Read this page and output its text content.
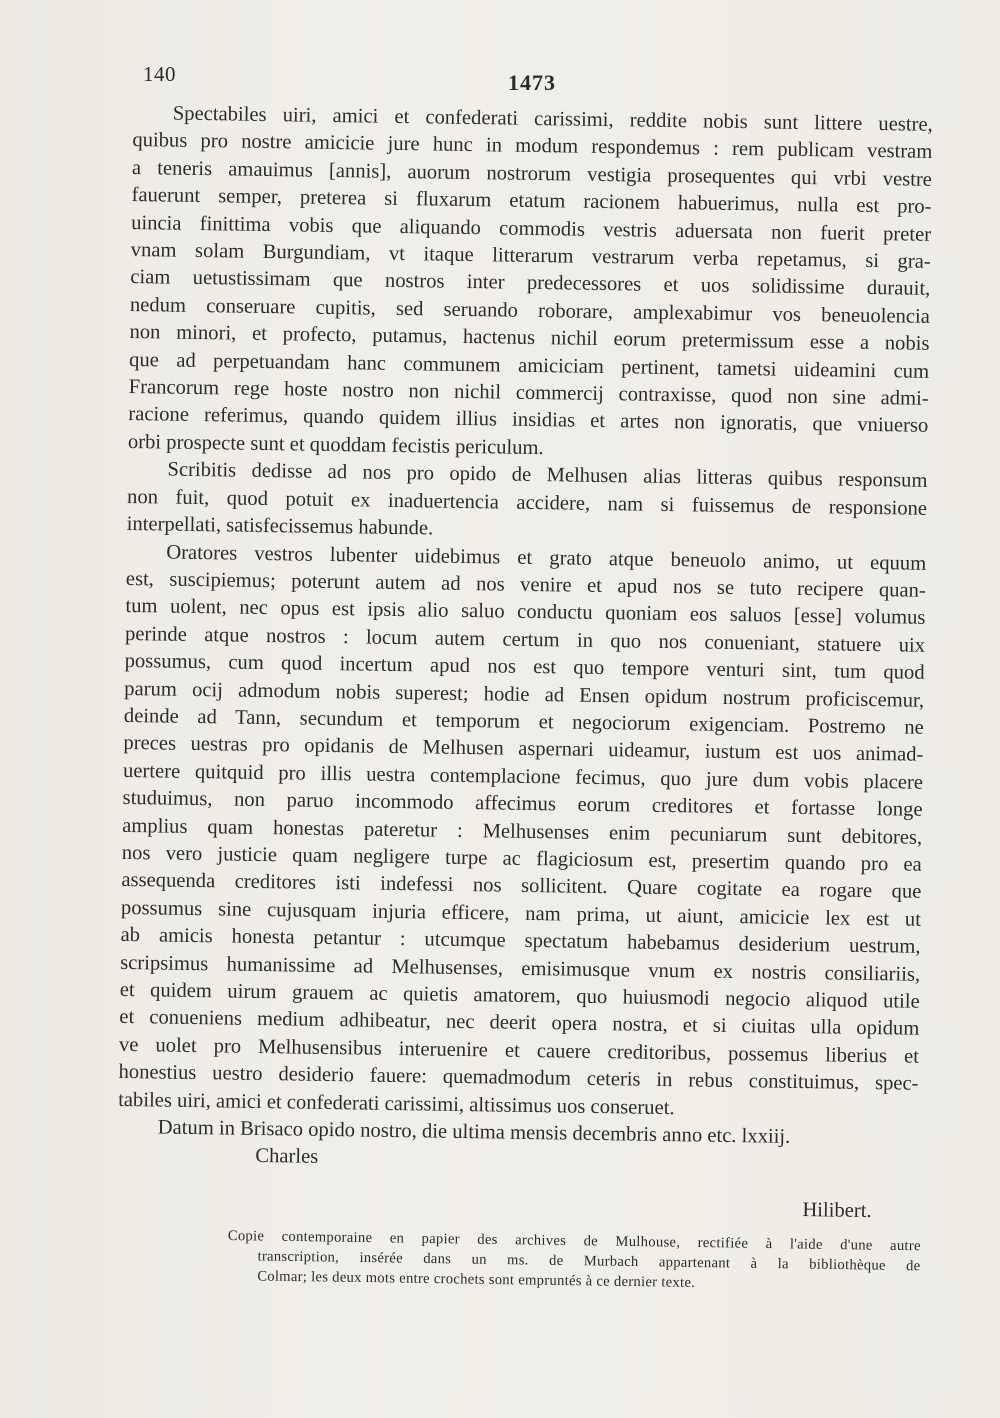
140	1473
Spectabiles uiri, amici et confederati carissimi, reddite nobis sunt littere uestre,
quibus pro nostre amicicie jure hunc in modum respondemus : rem publicam vestram
a teneris amauimus [annis], auorum nostrorum vestigia prosequentes qui vrbi vestre
fauerunt semper, preterea si fluxarum etatum racionem habuerimus, nulla est pro-
uincia finittima vobis que aliquando commodis vestris aduersata non fuerit preter
vnam solam Burgundiam, vt itaque litterarum vestrarum verba repetamus, si gra-
ciam uetustissimam que nostros inter predecessores et uos solidissime durauit,
nedum conseruare cupitis, sed seruando roborare, amplexabimur vos beneuolencia
non minori, et profecto, putamus, hactenus nichil eorum pretermissum esse a nobis
que ad perpetuandam hanc communem amiciciam pertinent, tametsi uideamini cum
Francorum rege hoste nostro non nichil commercij contraxisse, quod non sine admi-
racione referimus, quando quidem illius insidias et artes non ignoratis, que vniuerso
orbi prospecte sunt et quoddam fecistis periculum.
Scribitis dedisse ad nos pro opido de Melhusen alias litteras quibus responsum
non fuit, quod potuit ex inaduertencia accidere, nam si fuissemus de responsione
interpellati, satisfecissemus habunde.
Oratores vestros lubenter uidebimus et grato atque beneuolo animo, ut equum
est, suscipiemus; poterunt autem ad nos venire et apud nos se tuto recipere quan-
tum uolent, nec opus est ipsis alio saluo conductu quoniam eos saluos [esse] volumus
perinde atque nostros : locum autem certum in quo nos conueniant, statuere uix
possumus, cum quod incertum apud nos est quo tempore venturi sint, tum quod
parum ocij admodum nobis superest; hodie ad Ensen opidum nostrum proficiscemur,
deinde ad Tann, secundum et temporum et negociorum exigenciam. Postremo ne
preces uestras pro opidanis de Melhusen aspernari uideamur, iustum est uos animad-
uertere quitquid pro illis uestra contemplacione fecimus, quo jure dum vobis placere
studuimus, non paruo incommodo affecimus eorum creditores et fortasse longe
amplius quam honestas pateretur : Melhusenses enim pecuniarum sunt debitores,
nos vero justicie quam negligere turpe ac flagiciosum est, presertim quando pro ea
assequenda creditores isti indefessi nos sollicitent. Quare cogitate ea rogare que
possumus sine cujusquam injuria efficere, nam prima, ut aiunt, amicicie lex est ut
ab amicis honesta petantur : utcumque spectatum habebamus desiderium uestrum,
scripsimus humanissime ad Melhusenses, emisimusque vnum ex nostris consiliariis,
et quidem uirum grauem ac quietis amatorem, quo huiusmodi negocio aliquod utile
et conueniens medium adhibeatur, nec deerit opera nostra, et si ciuitas ulla opidum
ve uolet pro Melhusensibus interuenire et cauere creditoribus, possemus liberius et
honestius uestro desiderio fauere: quemadmodum ceteris in rebus constituimus, spec-
tabiles uiri, amici et confederati carissimi, altissimus uos conseruet.
Datum in Brisaco opido nostro, die ultima mensis decembris anno etc. lxxiij.
Charles
Hilibert.
Copie contemporaine en papier des archives de Mulhouse, rectifiée à l'aide d'une autre
transcription, insérée dans un ms. de Murbach appartenant à la bibliothèque de
Colmar; les deux mots entre crochets sont empruntés à ce dernier texte.
